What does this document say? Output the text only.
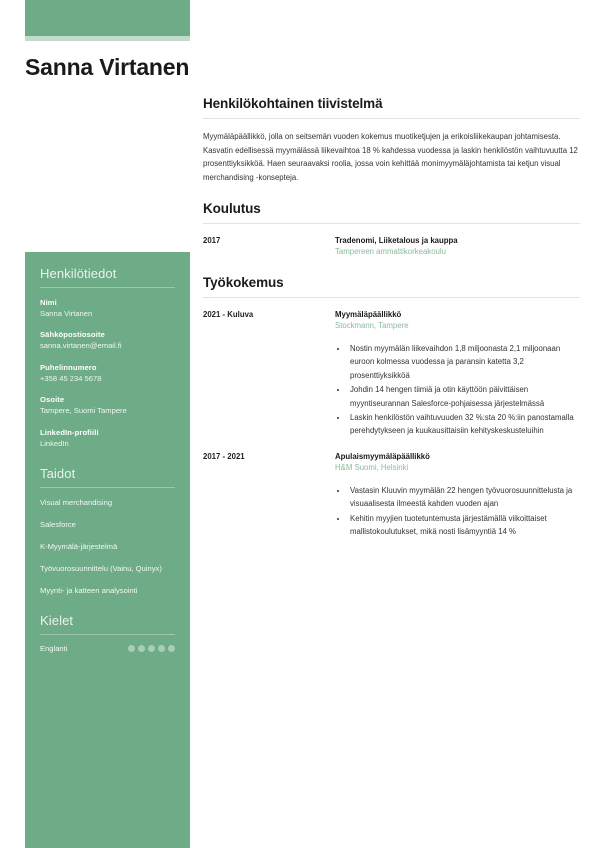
Sanna Virtanen
Henkilötiedot
Nimi
Sanna Virtanen
Sähköpostiosoite
sanna.virtanen@email.fi
Puhelinnumero
+358 45 234 5678
Osoite
Tampere, Suomi Tampere
LinkedIn-profiili
LinkedIn
Taidot
Visual merchandising
Salesforce
K-Myymälä-järjestelmä
Työvuorosuunnittelu (Vainu, Quinyx)
Myynti- ja katteen analysointi
Kielet
Englanti
Henkilökohtainen tiivistelmä

Myymäläpäällikkö, jolla on seitsemän vuoden kokemus muotiketjujen ja erikoisliikekaupan johtamisesta. Kasvatin edellisessä myymälässä liikevaihtoa 18 % kahdessa vuodessa ja laskin henkilöstön vaihtuvuutta 12 prosenttiyksikköä. Haen seuraavaksi roolia, jossa voin kehittää monimyymäläjohtamista tai ketjun visual merchandising -konsepteja.

Koulutus
2017	Tradenomi, Liiketalous ja kauppa
Tampereen ammattikorkeakoulu
Työkokemus
2021 - Kuluva	Myymäläpäällikkö
Stockmann, Tampere
• Nostin myymälän liikevaihdon 1,8 miljoonasta 2,1 miljoonaan euroon kolmessa vuodessa ja paransin katetta 3,2 prosenttiyksikköä
• Johdin 14 hengen tiimiä ja otin käyttöön päivittäisen myyntiseurannan Salesforce-pohjaisessa järjestelmässä
• Laskin henkilöstön vaihtuvuuden 32 %:sta 20 %:iin panostamalla perehdytykseen ja kuukausittaisiin kehityskeskusteluihin
2017 - 2021	Apulaismyymäläpäällikkö
H&M Suomi, Helsinki
• Vastasin Kluuvin myymälän 22 hengen työvuorosuunnittelusta ja visuaalisesta ilmeestä kahden vuoden ajan
• Kehitin myyjien tuotetuntemusta järjestämällä viikoittaiset mallistokoulutukset, mikä nosti lisämyyntiä 14 %
